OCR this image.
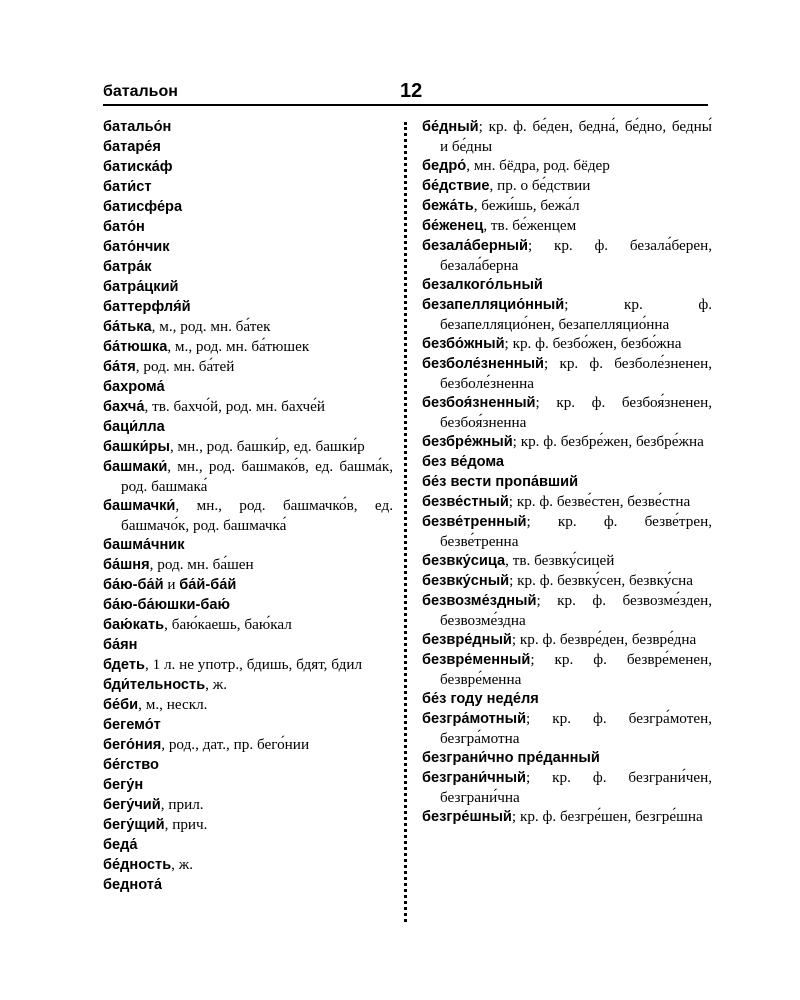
батальон	12
батальо́н
батаре́я
батиска́ф
бати́ст
батисфе́ра
бато́н
бато́нчик
батра́к
батра́цкий
баттерфля́й
ба́тька, м., род. мн. ба́тек
ба́тюшка, м., род. мн. ба́тюшек
ба́тя, род. мн. ба́тей
бахрома́
бахча́, тв. бахчо́й, род. мн. бахче́й
баци́лла
башки́ры, мн., род. башки́р, ед. башки́р
башмаки́, мн., род. башмако́в, ед. башма́к, род. башмака́
башмачки́, мн., род. башмачко́в, ед. башмачо́к, род. башмачка́
башма́чник
ба́шня, род. мн. ба́шен
ба́ю-ба́й и ба́й-ба́й
ба́ю-ба́юшки-баю́
баю́кать, баю́каешь, баю́кал
ба́ян
бдеть, 1 л. не употр., бдишь, бдят, бдил
бди́тельность, ж.
бе́би, м., нескл.
бегемо́т
бего́ния, род., дат., пр. бего́нии
бе́гство
бегу́н
бегу́чий, прил.
бегу́щий, прич.
беда́
бе́дность, ж.
беднота́
бе́дный; кр. ф. бе́ден, бедна́, бе́дно, бедны́ и бе́дны
бедро́, мн. бёдра, род. бёдер
бе́дствие, пр. о бе́дствии
бежа́ть, бежи́шь, бежа́л
бе́женец, тв. бе́женцем
безала́берный; кр. ф. безала́берен, безала́берна
безалкого́льный
безапелляцио́нный; кр. ф. безапелляцио́нен, безапелляцио́нна
безбо́жный; кр. ф. безбо́жен, безбо́жна
безболе́зненный; кр. ф. безболе́зненен, безболе́зненна
безбоя́зненный; кр. ф. безбоя́зненен, безбоя́зненна
безбре́жный; кр. ф. безбре́жен, безбре́жна
без ве́дома
бе́з вести пропа́вший
безве́стный; кр. ф. безве́стен, безве́стна
безве́тренный; кр. ф. безве́трен, безве́тренна
безвку́сица, тв. безвку́сицей
безвку́сный; кр. ф. безвку́сен, безвку́сна
безвозме́здный; кр. ф. безвозме́здeн, безвозме́здна
безвре́дный; кр. ф. безвре́ден, безвре́дна
безвре́менный; кр. ф. безвре́менен, безвре́менна
бе́з году неде́ля
безгра́мотный; кр. ф. безгра́мотен, безгра́мотна
безграни́чно пре́данный
безграни́чный; кр. ф. безграни́чен, безграни́чна
безгре́шный; кр. ф. безгре́шен, безгре́шна
